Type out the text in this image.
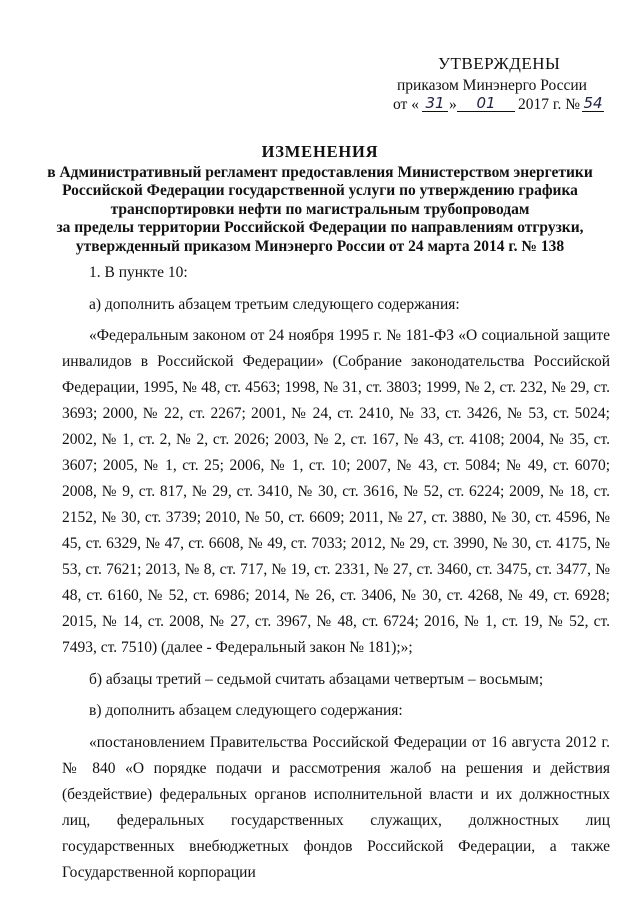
УТВЕРЖДЕНЫ
приказом Минэнерго России
от « 31 »	01	2017 г. № 54
ИЗМЕНЕНИЯ
в Административный регламент предоставления Министерством энергетики
Российской Федерации государственной услуги по утверждению графика
транспортировки нефти по магистральным трубопроводам
за пределы территории Российской Федерации по направлениям отгрузки,
утвержденный приказом Минэнерго России от 24 марта 2014 г. № 138

1. В пункте 10:

а) дополнить абзацем третьим следующего содержания:

«Федеральным законом от 24 ноября 1995 г. № 181-ФЗ «О социальной защите инвалидов в Российской Федерации» (Собрание законодательства Российской Федерации, 1995, № 48, ст. 4563; 1998, № 31, ст. 3803; 1999, № 2, ст. 232, № 29, ст. 3693; 2000, № 22, ст. 2267; 2001, № 24, ст. 2410, № 33, ст. 3426, № 53, ст. 5024; 2002, № 1, ст. 2, № 2, ст. 2026; 2003, № 2, ст. 167, № 43, ст. 4108; 2004, № 35, ст. 3607; 2005, № 1, ст. 25; 2006, № 1, ст. 10; 2007, № 43, ст. 5084; № 49, ст. 6070; 2008, № 9, ст. 817, № 29, ст. 3410, № 30, ст. 3616, № 52, ст. 6224; 2009, № 18, ст. 2152, № 30, ст. 3739; 2010, № 50, ст. 6609; 2011, № 27, ст. 3880, № 30, ст. 4596, № 45, ст. 6329, № 47, ст. 6608, № 49, ст. 7033; 2012, № 29, ст. 3990, № 30, ст. 4175, № 53, ст. 7621; 2013, № 8, ст. 717, № 19, ст. 2331, № 27, ст. 3460, ст. 3475, ст. 3477, № 48, ст. 6160, № 52, ст. 6986; 2014, № 26, ст. 3406, № 30, ст. 4268, № 49, ст. 6928; 2015, № 14, ст. 2008, № 27, ст. 3967, № 48, ст. 6724; 2016, № 1, ст. 19, № 52, ст. 7493, ст. 7510) (далее - Федеральный закон № 181);»;

б) абзацы третий – седьмой считать абзацами четвертым – восьмым;

в) дополнить абзацем следующего содержания:

«постановлением Правительства Российской Федерации от 16 августа 2012 г. № 840 «О порядке подачи и рассмотрения жалоб на решения и действия (бездействие) федеральных органов исполнительной власти и их должностных лиц, федеральных государственных служащих, должностных лиц государственных внебюджетных фондов Российской Федерации, а также Государственной корпорации
